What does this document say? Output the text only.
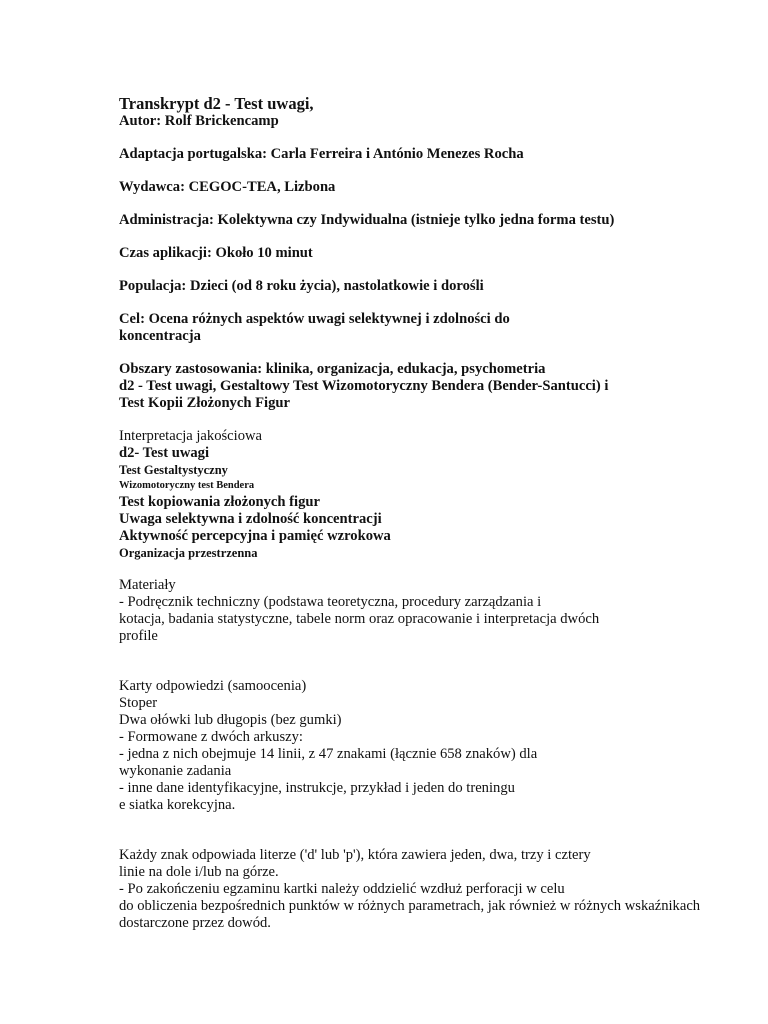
Transkrypt d2 - Test uwagi,
Autor: Rolf Brickencamp
Adaptacja portugalska: Carla Ferreira i António Menezes Rocha
Wydawca: CEGOC-TEA, Lizbona
Administracja: Kolektywna czy Indywidualna (istnieje tylko jedna forma testu)
Czas aplikacji: Około 10 minut
Populacja: Dzieci (od 8 roku życia), nastolatkowie i dorośli
Cel: Ocena różnych aspektów uwagi selektywnej i zdolności do
koncentracja
Obszary zastosowania: klinika, organizacja, edukacja, psychometria
d2 - Test uwagi, Gestaltowy Test Wizomotoryczny Bendera (Bender-Santucci) i
Test Kopii Złożonych Figur
Interpretacja jakościowa
d2- Test uwagi
Test Gestaltystyczny
Wizomotoryczny test Bendera
Test kopiowania złożonych figur
Uwaga selektywna i zdolność koncentracji
Aktywność percepcyjna i pamięć wzrokowa
Organizacja przestrzenna
Materiały
- Podręcznik techniczny (podstawa teoretyczna, procedury zarządzania i
kotacja, badania statystyczne, tabele norm oraz opracowanie i interpretacja dwóch
profile
Karty odpowiedzi (samoocenia)
Stoper
Dwa ołówki lub długopis (bez gumki)
- Formowane z dwóch arkuszy:
- jedna z nich obejmuje 14 linii, z 47 znakami (łącznie 658 znaków) dla
wykonanie zadania
- inne dane identyfikacyjne, instrukcje, przykład i jeden do treningu
e siatka korekcyjna.
Każdy znak odpowiada literze ('d' lub 'p'), która zawiera jeden, dwa, trzy i cztery
linie na dole i/lub na górze.
- Po zakończeniu egzaminu kartki należy oddzielić wzdłuż perforacji w celu
do obliczenia bezpośrednich punktów w różnych parametrach, jak również w różnych wskaźnikach
dostarczone przez dowód.
